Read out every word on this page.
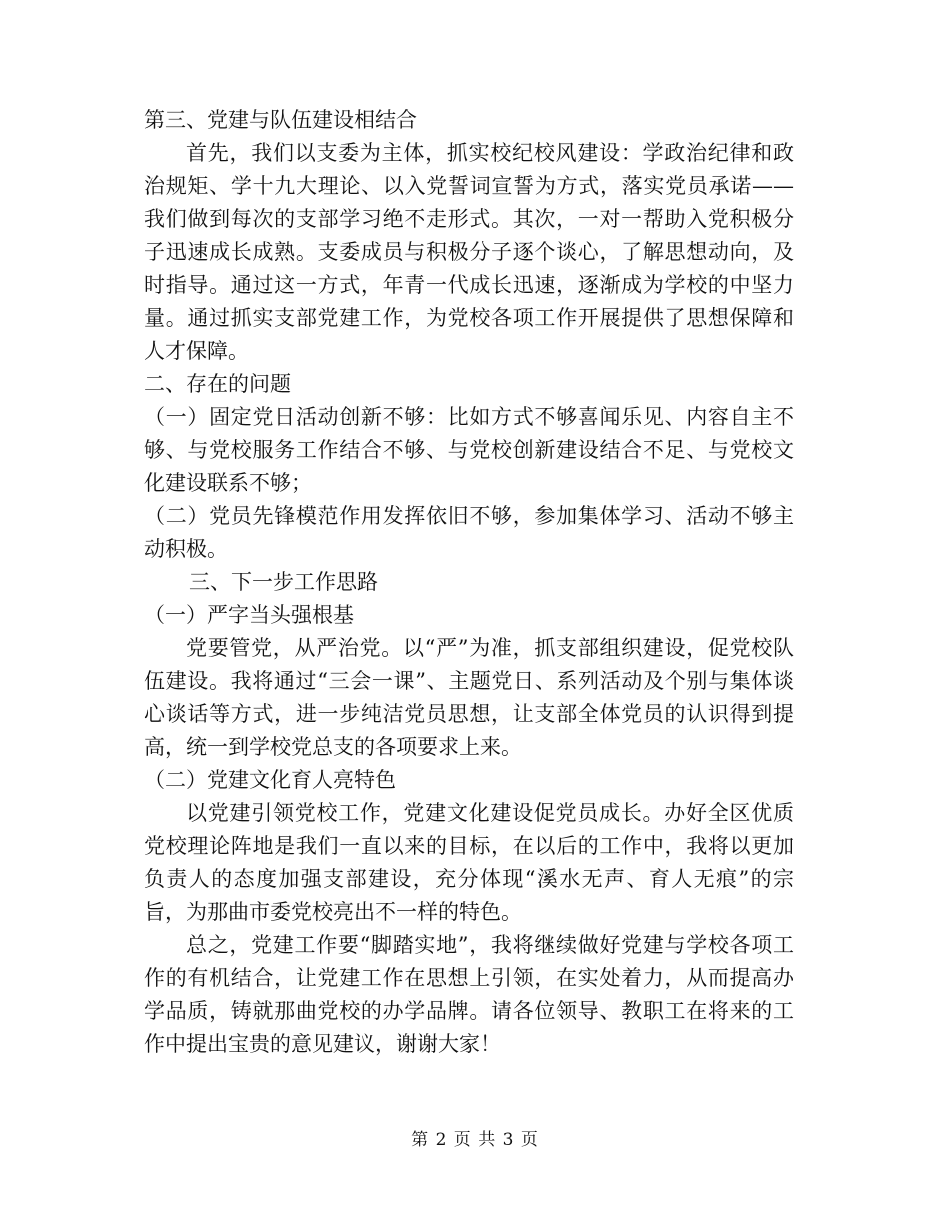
第三、党建与队伍建设相结合

首先，我们以支委为主体，抓实校纪校风建设：学政治纪律和政治规矩、学十九大理论、以入党誓词宣誓为方式，落实党员承诺——我们做到每次的支部学习绝不走形式。其次，一对一帮助入党积极分子迅速成长成熟。支委成员与积极分子逐个谈心，了解思想动向，及时指导。通过这一方式，年青一代成长迅速，逐渐成为学校的中坚力量。通过抓实支部党建工作，为党校各项工作开展提供了思想保障和人才保障。

二、存在的问题

（一）固定党日活动创新不够：比如方式不够喜闻乐见、内容自主不够、与党校服务工作结合不够、与党校创新建设结合不足、与党校文化建设联系不够；

（二）党员先锋模范作用发挥依旧不够，参加集体学习、活动不够主动积极。

三、下一步工作思路

（一）严字当头强根基

党要管党，从严治党。以“严”为准，抓支部组织建设，促党校队伍建设。我将通过“三会一课”、主题党日、系列活动及个别与集体谈心谈话等方式，进一步纯洁党员思想，让支部全体党员的认识得到提高，统一到学校党总支的各项要求上来。

（二）党建文化育人亮特色

以党建引领党校工作，党建文化建设促党员成长。办好全区优质党校理论阵地是我们一直以来的目标，在以后的工作中，我将以更加负责人的态度加强支部建设，充分体现“溪水无声、育人无痕”的宗旨，为那曲市委党校亮出不一样的特色。

总之，党建工作要“脚踏实地”，我将继续做好党建与学校各项工作的有机结合，让党建工作在思想上引领，在实处着力，从而提高办学品质，铸就那曲党校的办学品牌。请各位领导、教职工在将来的工作中提出宝贵的意见建议，谢谢大家！

第 2 页 共 3 页
